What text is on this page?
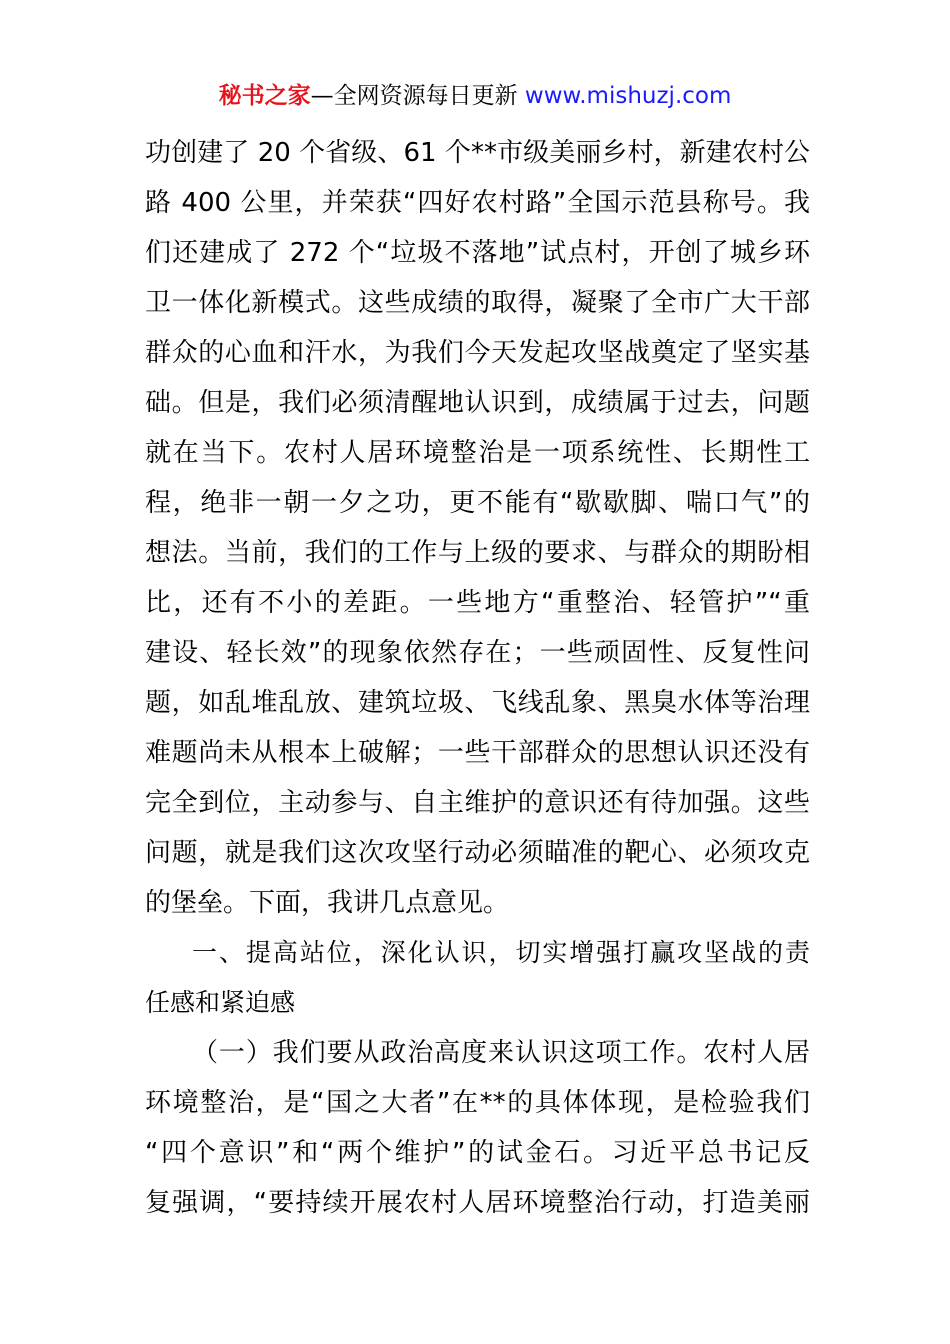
秘书之家—全网资源每日更新 www.mishuzj.com
功创建了 20 个省级、61 个**市级美丽乡村，新建农村公
路 400 公里，并荣获“四好农村路”全国示范县称号。我
们还建成了 272 个“垃圾不落地”试点村，开创了城乡环
卫一体化新模式。这些成绩的取得，凝聚了全市广大干部
群众的心血和汗水，为我们今天发起攻坚战奠定了坚实基
础。但是，我们必须清醒地认识到，成绩属于过去，问题
就在当下。农村人居环境整治是一项系统性、长期性工
程，绝非一朝一夕之功，更不能有“歇歇脚、喘口气”的
想法。当前，我们的工作与上级的要求、与群众的期盼相
比，还有不小的差距。一些地方“重整治、轻管护”“重
建设、轻长效”的现象依然存在；一些顽固性、反复性问
题，如乱堆乱放、建筑垃圾、飞线乱象、黑臭水体等治理
难题尚未从根本上破解；一些干部群众的思想认识还没有
完全到位，主动参与、自主维护的意识还有待加强。这些
问题，就是我们这次攻坚行动必须瞄准的靶心、必须攻克
的堡垒。下面，我讲几点意见。
一、提高站位，深化认识，切实增强打赢攻坚战的责
任感和紧迫感
（一）我们要从政治高度来认识这项工作。农村人居
环境整治，是“国之大者”在**的具体体现，是检验我们
“四个意识”和“两个维护”的试金石。习近平总书记反
复强调，“要持续开展农村人居环境整治行动，打造美丽
